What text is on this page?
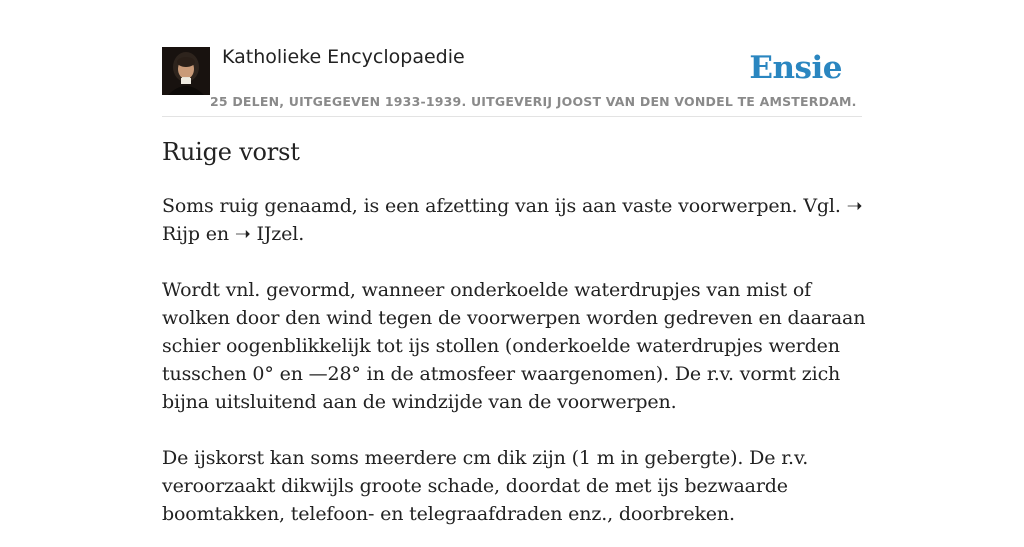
Katholieke Encyclopaedie
25 DELEN, UITGEGEVEN 1933-1939. UITGEVERIJ JOOST VAN DEN VONDEL TE AMSTERDAM.
Ensie
Ruige vorst

Soms ruig genaamd, is een afzetting van ijs aan vaste voorwerpen. Vgl. ➝ Rijp en ➝ IJzel.

Wordt vnl. gevormd, wanneer onderkoelde waterdrupjes van mist of wolken door den wind tegen de voorwerpen worden gedreven en daaraan schier oogenblikkelijk tot ijs stollen (onderkoelde waterdrupjes werden tusschen 0° en —28° in de atmosfeer waargenomen). De r.v. vormt zich bijna uitsluitend aan de windzijde van de voorwerpen.

De ijskorst kan soms meerdere cm dik zijn (1 m in gebergte). De r.v. veroorzaakt dikwijls groote schade, doordat de met ijs bezwaarde boomtakken, telefoon- en telegraafdraden enz., doorbreken.
